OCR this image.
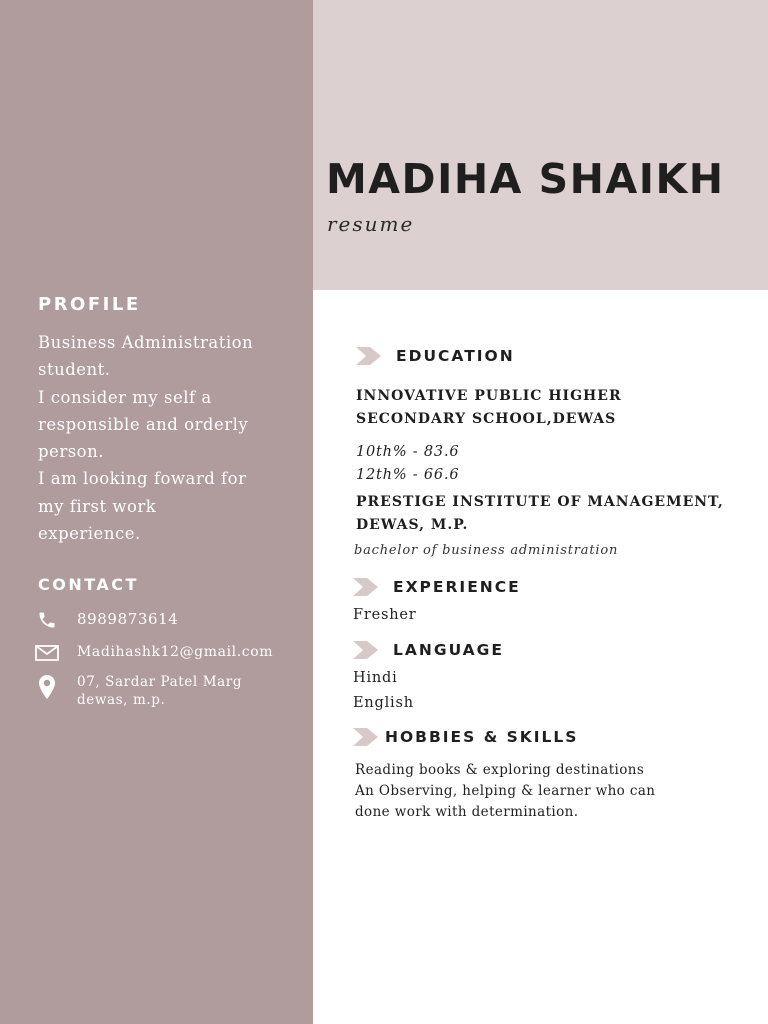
MADIHA SHAIKH
resume
PROFILE
Business Administration
student.
I consider my self a
responsible and orderly
person.
I am looking foward for
my first work
experience.
CONTACT
8989873614
Madihashk12@gmail.com
07, Sardar Patel Marg
dewas, m.p.
EDUCATION
INNOVATIVE PUBLIC HIGHER
SECONDARY SCHOOL,DEWAS
10th% - 83.6
12th% - 66.6
PRESTIGE INSTITUTE OF MANAGEMENT,
DEWAS, M.P.
bachelor of business administration
EXPERIENCE
Fresher
LANGUAGE
Hindi
English
HOBBIES & SKILLS
Reading books & exploring destinations
An Observing, helping & learner who can
done work with determination.
